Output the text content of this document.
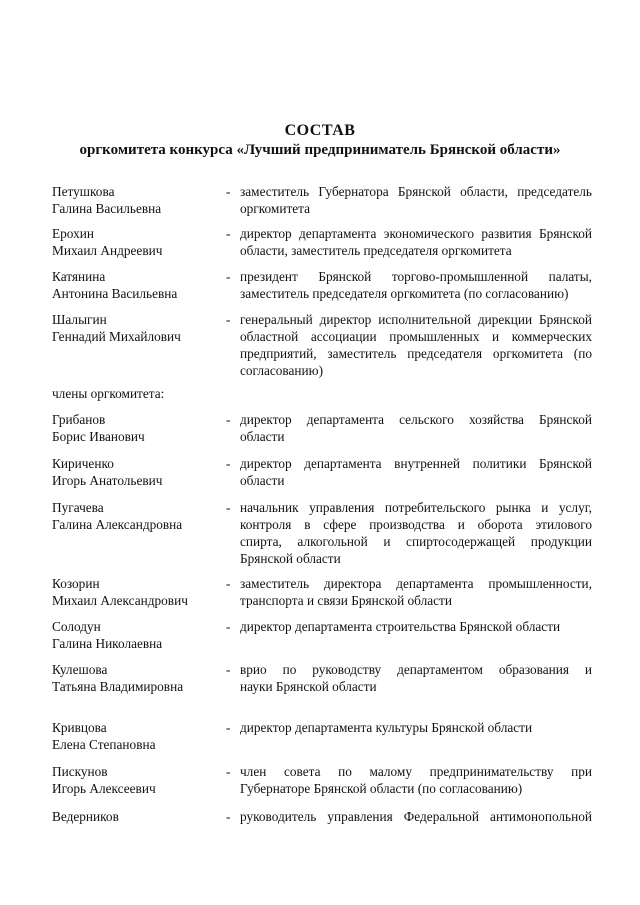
СОСТАВ
оргкомитета конкурса «Лучший предприниматель Брянской области»
Петушкова
Галина Васильевна
- заместитель Губернатора Брянской области, председатель
оргкомитета
Ерохин
Михаил Андреевич
- директор департамента экономического развития Брянской
области, заместитель председателя оргкомитета
Катянина
Антонина Васильевна
- президент Брянской торгово-промышленной палаты,
заместитель председателя оргкомитета (по согласованию)
Шалыгин
Геннадий Михайлович
- генеральный директор исполнительной дирекции Брянской
областной ассоциации промышленных и коммерческих
предприятий, заместитель председателя оргкомитета (по
согласованию)
члены оргкомитета:
Грибанов
Борис Иванович
- директор департамента сельского хозяйства Брянской
области
Кириченко
Игорь Анатольевич
- директор департамента внутренней политики Брянской
области
Пугачева
Галина Александровна
- начальник управления потребительского рынка и услуг,
контроля в сфере производства и оборота этилового
спирта, алкогольной и спиртосодержащей продукции
Брянской области
Козорин
Михаил Александрович
- заместитель директора департамента промышленности,
транспорта и связи Брянской области
Солодун
Галина Николаевна
- директор департамента строительства Брянской области
Кулешова
Татьяна Владимировна
- врио по руководству департаментом образования и
науки Брянской области
Кривцова
Елена Степановна
- директор департамента культуры Брянской области
Пискунов
Игорь Алексеевич
- член совета по малому предпринимательству при
Губернаторе Брянской области (по согласованию)
Ведерников	- руководитель управления Федеральной антимонопольной
